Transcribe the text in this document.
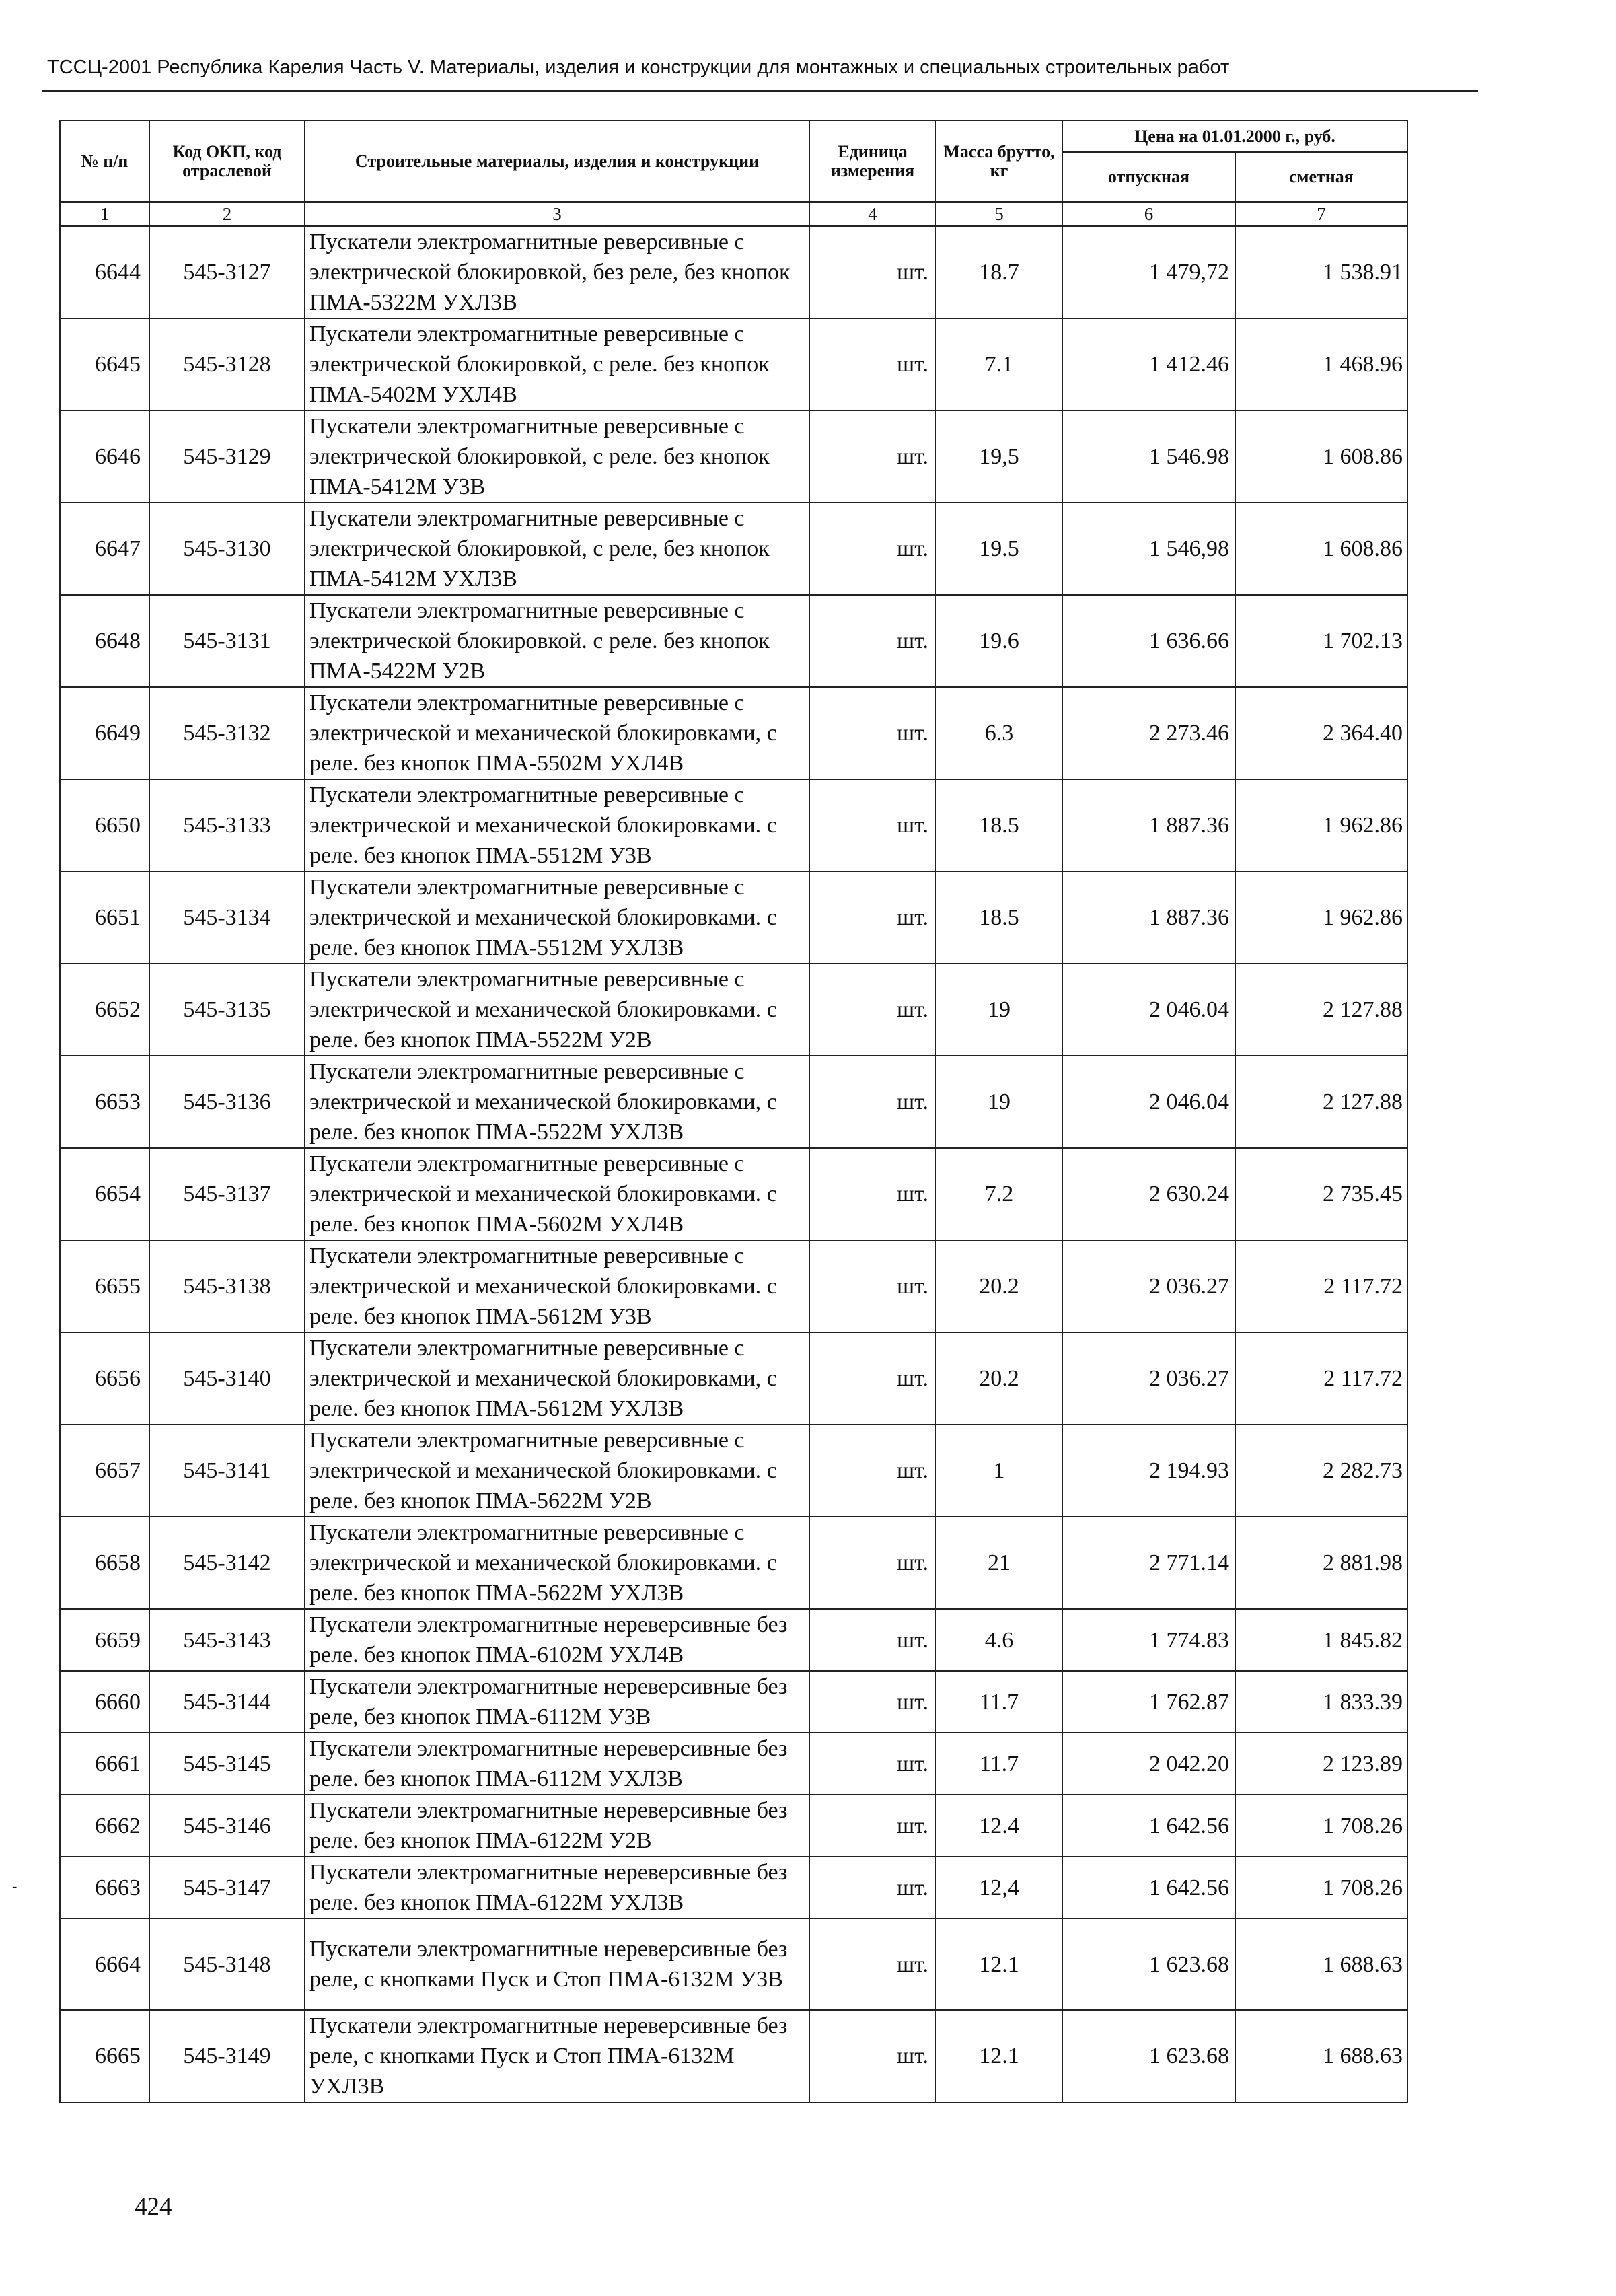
ТССЦ-2001 Республика Карелия Часть V. Материалы, изделия и конструкции для монтажных и специальных строительных работ
№ п/п	Код ОКП, код отраслевой	Строительные материалы, изделия и конструкции	Единица измерения	Масса брутто, кг	Цена на 01.01.2000 г., руб.	
					отпускная	сметная
1	2	3	4	5	6	7
6644	545-3127	Пускатели электромагнитные реверсивные с электрической блокировкой, без реле, без кнопок ПМА-5322М УХЛ3В	шт.	18.7	1 479,72	1 538.91
6645	545-3128	Пускатели электромагнитные реверсивные с электрической блокировкой, с реле. без кнопок ПМА-5402М УХЛ4В	шт.	7.1	1 412.46	1 468.96
6646	545-3129	Пускатели электромагнитные реверсивные с электрической блокировкой, с реле. без кнопок ПМА-5412М У3В	шт.	19,5	1 546.98	1 608.86
6647	545-3130	Пускатели электромагнитные реверсивные с электрической блокировкой, с реле, без кнопок ПМА-5412М УХЛ3В	шт.	19.5	1 546,98	1 608.86
6648	545-3131	Пускатели электромагнитные реверсивные с электрической блокировкой. с реле. без кнопок ПМА-5422М У2В	шт.	19.6	1 636.66	1 702.13
6649	545-3132	Пускатели электромагнитные реверсивные с электрической и механической блокировками, с реле. без кнопок ПМА-5502М УХЛ4В	шт.	6.3	2 273.46	2 364.40
6650	545-3133	Пускатели электромагнитные реверсивные с электрической и механической блокировками. с реле. без кнопок ПМА-5512М У3В	шт.	18.5	1 887.36	1 962.86
6651	545-3134	Пускатели электромагнитные реверсивные с электрической и механической блокировками. с реле. без кнопок ПМА-5512М УХЛ3В	шт.	18.5	1 887.36	1 962.86
6652	545-3135	Пускатели электромагнитные реверсивные с электрической и механической блокировками. с реле. без кнопок ПМА-5522М У2В	шт.	19	2 046.04	2 127.88
6653	545-3136	Пускатели электромагнитные реверсивные с электрической и механической блокировками, с реле. без кнопок ПМА-5522М УХЛ3В	шт.	19	2 046.04	2 127.88
6654	545-3137	Пускатели электромагнитные реверсивные с электрической и механической блокировками. с реле. без кнопок ПМА-5602М УХЛ4В	шт.	7.2	2 630.24	2 735.45
6655	545-3138	Пускатели электромагнитные реверсивные с электрической и механической блокировками. с реле. без кнопок ПМА-5612М У3В	шт.	20.2	2 036.27	2 117.72
6656	545-3140	Пускатели электромагнитные реверсивные с электрической и механической блокировками, с реле. без кнопок ПМА-5612М УХЛ3В	шт.	20.2	2 036.27	2 117.72
6657	545-3141	Пускатели электромагнитные реверсивные с электрической и механической блокировками. с реле. без кнопок ПМА-5622М У2В	шт.	1	2 194.93	2 282.73
6658	545-3142	Пускатели электромагнитные реверсивные с электрической и механической блокировками. с реле. без кнопок ПМА-5622М УХЛ3В	шт.	21	2 771.14	2 881.98
6659	545-3143	Пускатели электромагнитные нереверсивные без реле. без кнопок ПМА-6102М УХЛ4В	шт.	4.6	1 774.83	1 845.82
6660	545-3144	Пускатели электромагнитные нереверсивные без реле, без кнопок ПМА-6112М У3В	шт.	11.7	1 762.87	1 833.39
6661	545-3145	Пускатели электромагнитные нереверсивные без реле. без кнопок ПМА-6112М УХЛ3В	шт.	11.7	2 042.20	2 123.89
6662	545-3146	Пускатели электромагнитные нереверсивные без реле. без кнопок ПМА-6122М У2В	шт.	12.4	1 642.56	1 708.26
6663	545-3147	Пускатели электромагнитные нереверсивные без реле. без кнопок ПМА-6122М УХЛ3В	шт.	12,4	1 642.56	1 708.26
6664	545-3148	Пускатели электромагнитные нереверсивные без реле, с кнопками Пуск и Стоп ПМА-6132М У3В	шт.	12.1	1 623.68	1 688.63
6665	545-3149	Пускатели электромагнитные нереверсивные без реле, с кнопками Пуск и Стоп ПМА-6132М УХЛ3В	шт.	12.1	1 623.68	1 688.63
424
-
